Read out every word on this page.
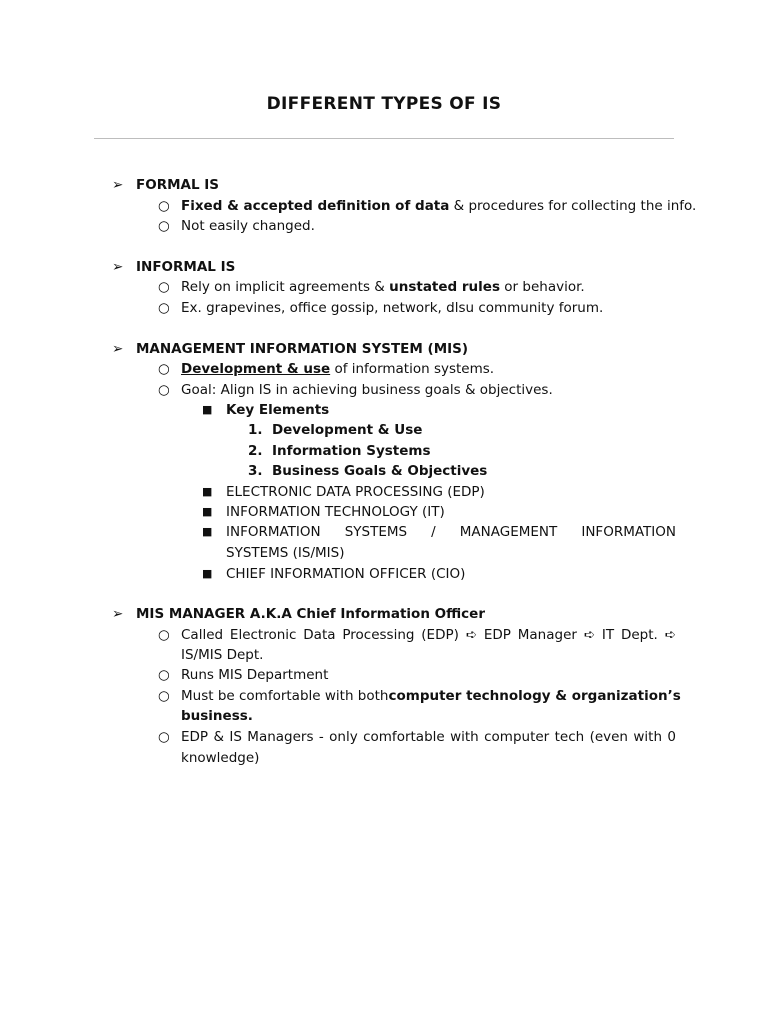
DIFFERENT TYPES OF IS
➢ FORMAL IS
○ Fixed & accepted definition of data & procedures for collecting the info.
○ Not easily changed.
➢ INFORMAL IS
○ Rely on implicit agreements & unstated rules or behavior.
○ Ex. grapevines, office gossip, network, dlsu community forum.
➢ MANAGEMENT INFORMATION SYSTEM (MIS)
○ Development & use of information systems.
○ Goal: Align IS in achieving business goals & objectives.
■ Key Elements
1. Development & Use
2. Information Systems
3. Business Goals & Objectives
■ ELECTRONIC DATA PROCESSING (EDP)
■ INFORMATION TECHNOLOGY (IT)
■ INFORMATION SYSTEMS / MANAGEMENT INFORMATION
SYSTEMS (IS/MIS)
■ CHIEF INFORMATION OFFICER (CIO)
➢ MIS MANAGER A.K.A Chief Information Officer
○ Called Electronic Data Processing (EDP) ➪ EDP Manager ➪ IT Dept. ➪
IS/MIS Dept.
○ Runs MIS Department
○ Must be comfortable with both computer technology & organization’s
business.
○ EDP & IS Managers - only comfortable with computer tech (even with 0
knowledge)
